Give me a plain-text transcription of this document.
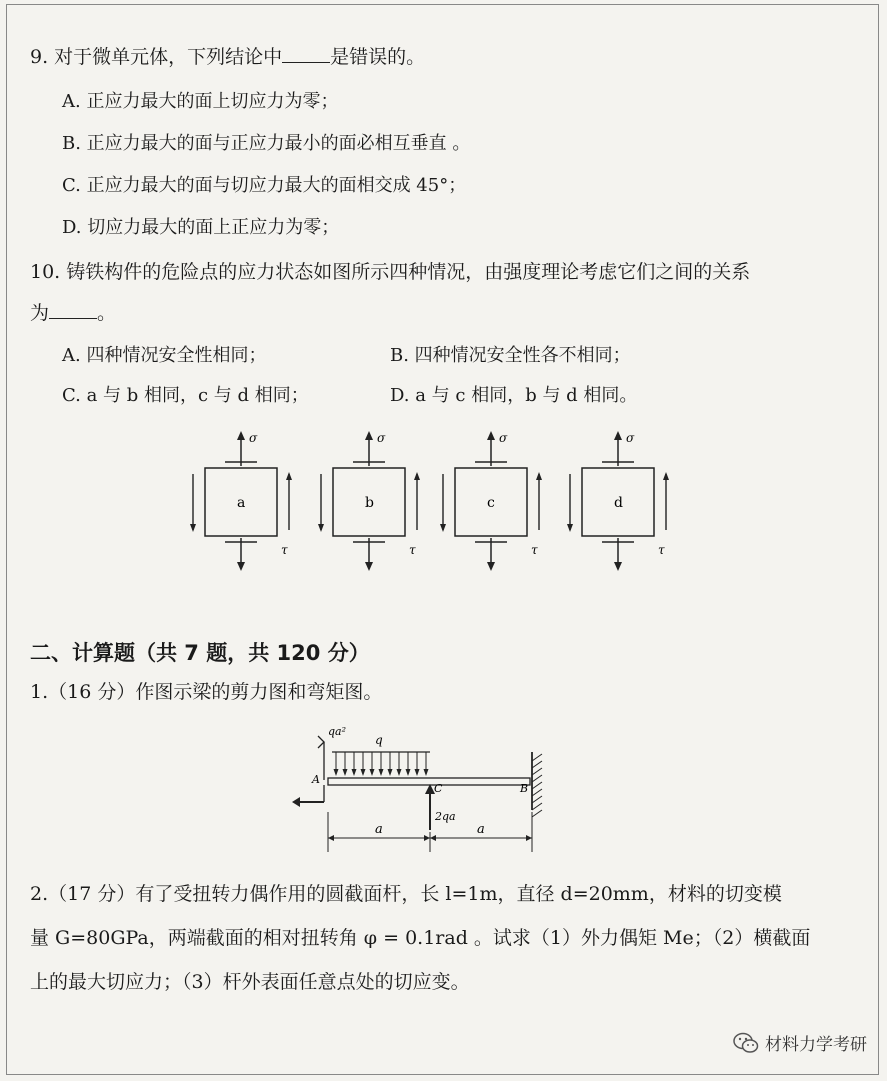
9. 对于微单元体，下列结论中	是错误的。
A. 正应力最大的面上切应力为零；
B. 正应力最大的面与正应力最小的面必相互垂直 。
C. 正应力最大的面与切应力最大的面相交成 45°；
D. 切应力最大的面上正应力为零；
10. 铸铁构件的危险点的应力状态如图所示四种情况，由强度理论考虑它们之间的关系
为	。
A. 四种情况安全性相同；	B. 四种情况安全性各不相同；
C. a 与 b 相同，c 与 d 相同；	D. a 与 c 相同，b 与 d 相同。
a
σ
τ
b
σ
τ
c
σ
τ
d
σ
τ
二、计算题（共 7 题，共 120 分）
1.（16 分）作图示梁的剪力图和弯矩图。
qa²
q
A
C
2qa
B
a	a
2.（17 分）有了受扭转力偶作用的圆截面杆，长 l=1m，直径 d=20mm，材料的切变模
量 G=80GPa，两端截面的相对扭转角 φ = 0.1rad 。试求（1）外力偶矩 Me；（2）横截面
上的最大切应力；（3）杆外表面任意点处的切应变。
材料力学考研
